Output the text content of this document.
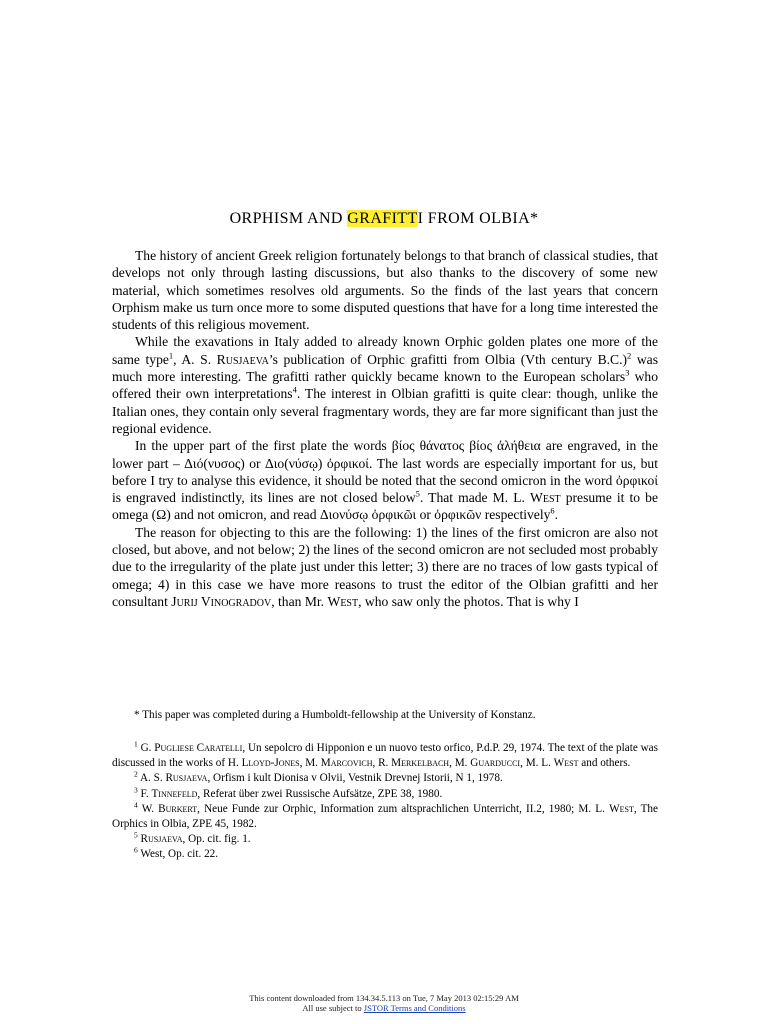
ORPHISM AND GRAFITTI FROM OLBIA*

The history of ancient Greek religion fortunately belongs to that branch of classical studies, that develops not only through lasting discussions, but also thanks to the discovery of some new material, which sometimes resolves old arguments. So the finds of the last years that concern Orphism make us turn once more to some disputed questions that have for a long time interested the students of this religious movement.

While the exavations in Italy added to already known Orphic golden plates one more of the same type$^1$, A. S. Rusjaeva’s publication of Orphic grafitti from Olbia (Vth century B.C.)$^2$ was much more interesting. The grafitti rather quickly became known to the European scholars$^3$ who offered their own interpretations$^4$. The interest in Olbian grafitti is quite clear: though, unlike the Italian ones, they contain only several fragmentary words, they are far more significant than just the regional evidence.

In the upper part of the first plate the words βίος θάνατος βίος ἀλήθεια are engraved, in the lower part – Διό(νυσος) or Διο(νύσῳ) ὀρφικοί. The last words are especially important for us, but before I try to analyse this evidence, it should be noted that the second omicron in the word ὀρφικοί is engraved indistinctly, its lines are not closed below$^5$. That made M. L. West presume it to be omega (Ω) and not omicron, and read Διονύσῳ ὀρφικῶι or ὀρφικῶν respectively$^6$.

The reason for objecting to this are the following: 1) the lines of the first omicron are also not closed, but above, and not below; 2) the lines of the second omicron are not secluded most probably due to the irregularity of the plate just under this letter; 3) there are no traces of low gasts typical of omega; 4) in this case we have more reasons to trust the editor of the Olbian grafitti and her consultant Jurij Vinogradov, than Mr. West, who saw only the photos. That is why I

* This paper was completed during a Humboldt-fellowship at the University of Konstanz.

$^1$ G. Pugliese Caratelli, Un sepolcro di Hipponion e un nuovo testo orfico, P.d.P. 29, 1974. The text of the plate was discussed in the works of H. Lloyd-Jones, M. Marcovich, R. Merkelbach, M. Guarducci, M. L. West and others.

$^2$ A. S. Rusjaeva, Orfism i kult Dionisa v Olvii, Vestnik Drevnej Istorii, N 1, 1978.

$^3$ F. Tinnefeld, Referat über zwei Russische Aufsätze, ZPE 38, 1980.

$^4$ W. Burkert, Neue Funde zur Orphic, Information zum altsprachlichen Unterricht, II.2, 1980; M. L. West, The Orphics in Olbia, ZPE 45, 1982.

$^5$ Rusjaeva, Op. cit. fig. 1.

$^6$ West, Op. cit. 22.

This content downloaded from 134.34.5.113 on Tue, 7 May 2013 02:15:29 AM
All use subject to JSTOR Terms and Conditions
